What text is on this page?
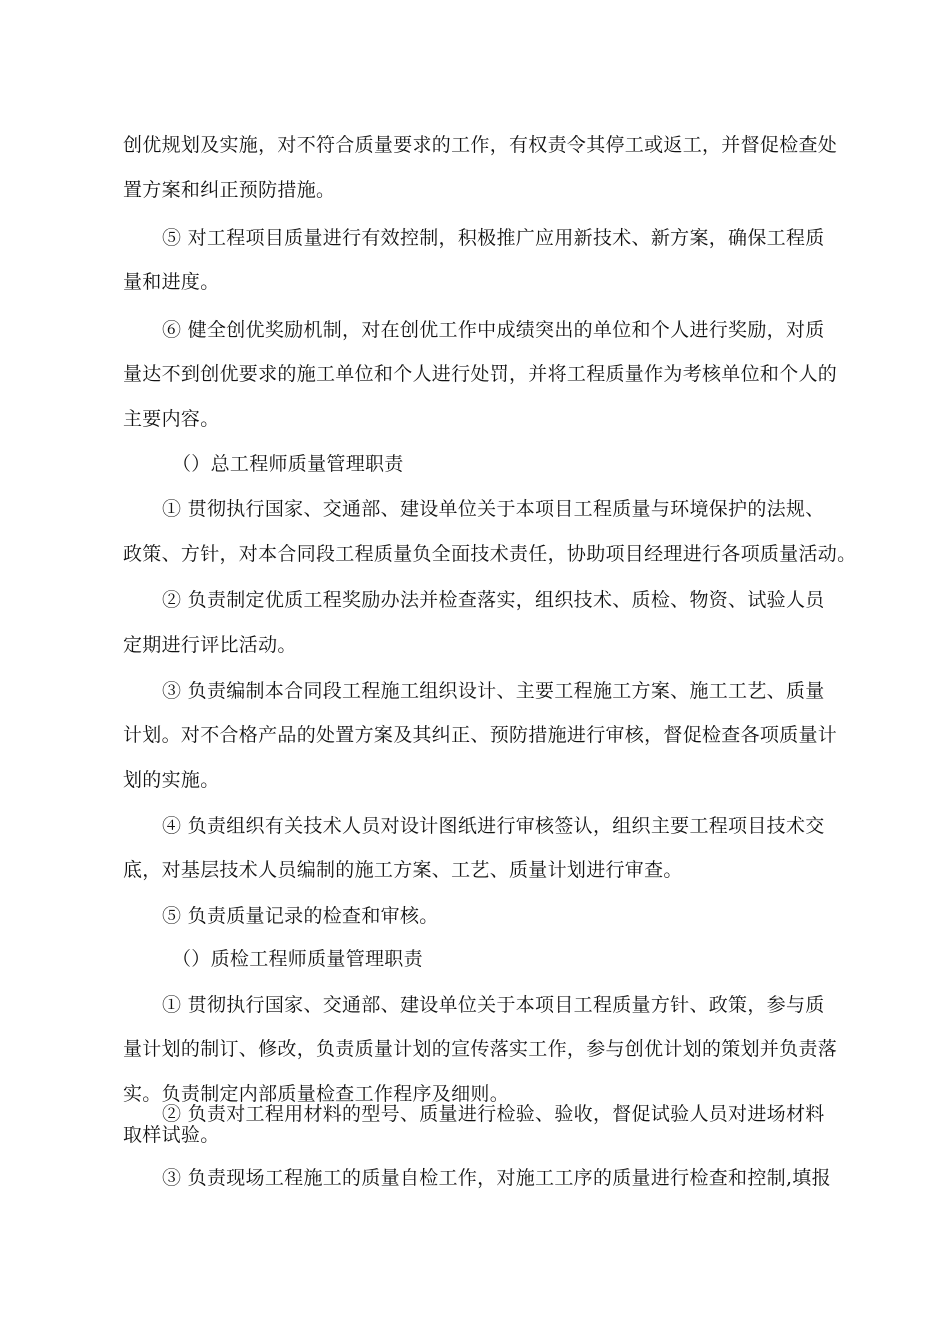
创优规划及实施，对不符合质量要求的工作，有权责令其停工或返工，并督促检查处

置方案和纠正预防措施。

⑤ 对工程项目质量进行有效控制，积极推广应用新技术、新方案，确保工程质

量和进度。

⑥ 健全创优奖励机制，对在创优工作中成绩突出的单位和个人进行奖励，对质

量达不到创优要求的施工单位和个人进行处罚，并将工程质量作为考核单位和个人的

主要内容。

（）总工程师质量管理职责

① 贯彻执行国家、交通部、建设单位关于本项目工程质量与环境保护的法规、

政策、方针，对本合同段工程质量负全面技术责任，协助项目经理进行各项质量活动。

② 负责制定优质工程奖励办法并检查落实，组织技术、质检、物资、试验人员

定期进行评比活动。

③ 负责编制本合同段工程施工组织设计、主要工程施工方案、施工工艺、质量

计划。对不合格产品的处置方案及其纠正、预防措施进行审核，督促检查各项质量计

划的实施。

④ 负责组织有关技术人员对设计图纸进行审核签认，组织主要工程项目技术交

底，对基层技术人员编制的施工方案、工艺、质量计划进行审查。

⑤ 负责质量记录的检查和审核。

（）质检工程师质量管理职责

① 贯彻执行国家、交通部、建设单位关于本项目工程质量方针、政策，参与质

量计划的制订、修改，负责质量计划的宣传落实工作，参与创优计划的策划并负责落

实。负责制定内部质量检查工作程序及细则。

② 负责对工程用材料的型号、质量进行检验、验收，督促试验人员对进场材料

取样试验。

③ 负责现场工程施工的质量自检工作，对施工工序的质量进行检查和控制,填报
